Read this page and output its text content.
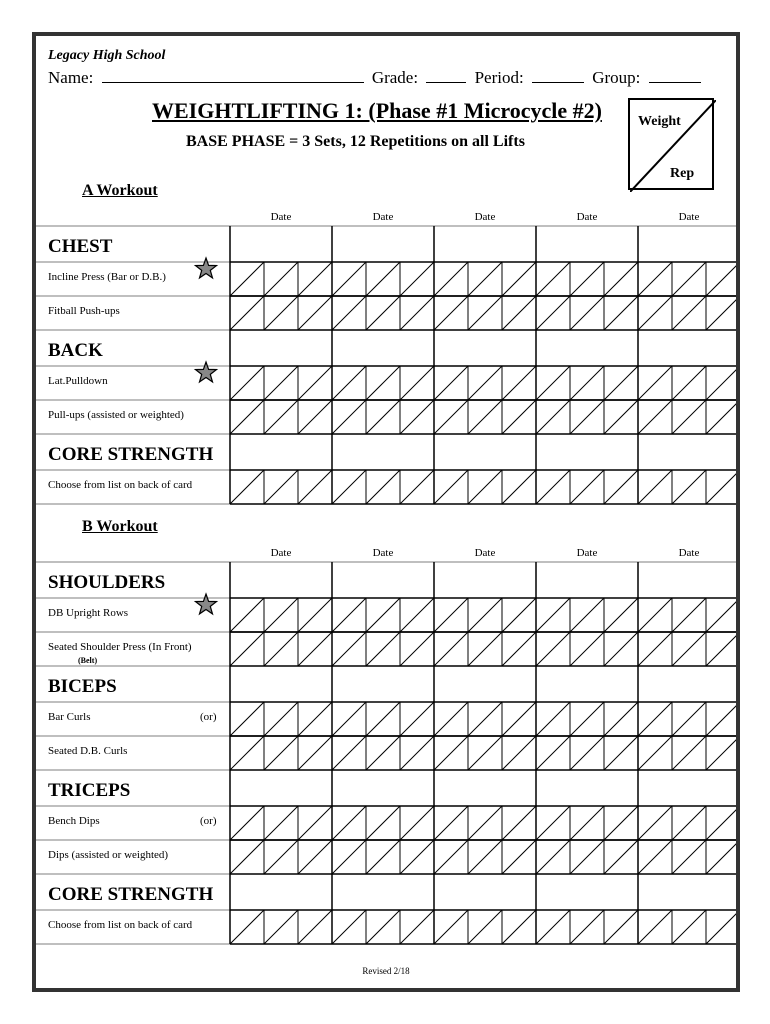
Legacy High School
Name:	Grade:	Period:	Group:
WEIGHTLIFTING 1: (Phase #1 Microcycle #2)
BASE PHASE = 3 Sets, 12 Repetitions on all Lifts
Weight
Rep
A Workout
Date	Date	Date	Date	Date
CHEST
Incline Press (Bar or D.B.)
Fitball Push-ups
BACK
Lat.Pulldown
Pull-ups (assisted or weighted)
CORE STRENGTH
Choose from list on back of card
B Workout
Date	Date	Date	Date	Date
SHOULDERS
DB Upright Rows
Seated Shoulder Press (In Front)
(Belt)
BICEPS
Bar Curls	(or)
Seated D.B. Curls
TRICEPS
Bench Dips	(or)
Dips (assisted or weighted)
CORE STRENGTH
Choose from list on back of card
Revised 2/18
